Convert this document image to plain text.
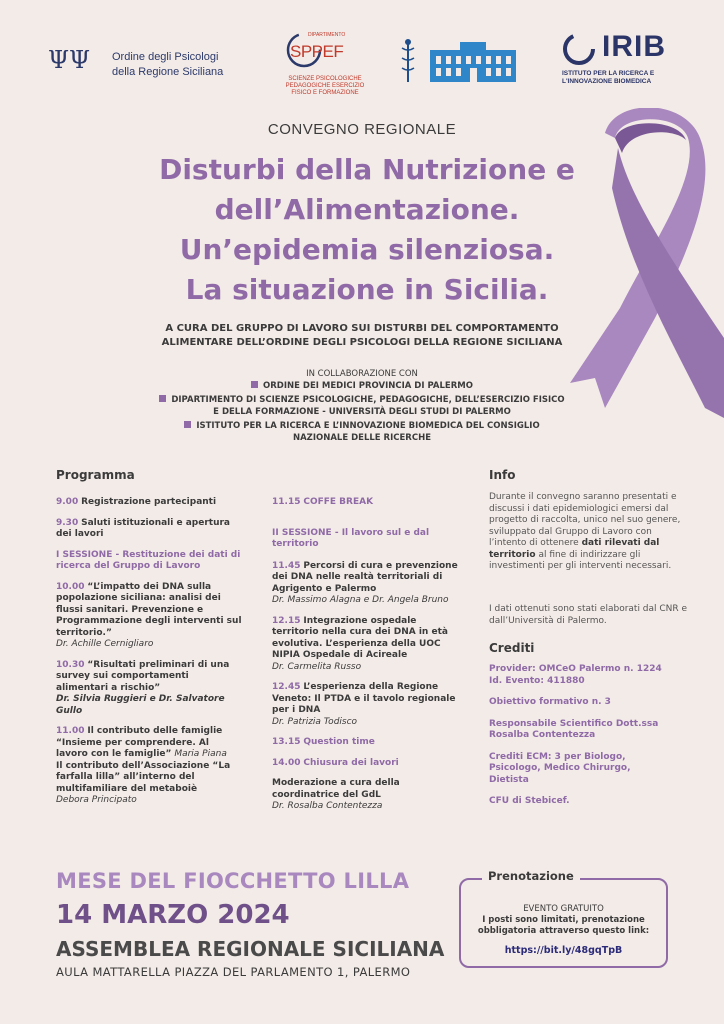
ΨΨ Ordine degli Psicologi
della Regione Siciliana
DIPARTIMENTO
SPPEF
SCIENZE PSICOLOGICHE
PEDAGOGICHE ESERCIZIO
FISICO E FORMAZIONE
IRIB
ISTITUTO PER LA RICERCA E
L'INNOVAZIONE BIOMEDICA
CONVEGNO REGIONALE
Disturbi della Nutrizione e
dell’Alimentazione.
Un’epidemia silenziosa.
La situazione in Sicilia.
A CURA DEL GRUPPO DI LAVORO SUI DISTURBI DEL COMPORTAMENTO
ALIMENTARE DELL’ORDINE DEGLI PSICOLOGI DELLA REGIONE SICILIANA
IN COLLABORAZIONE CON
ORDINE DEI MEDICI PROVINCIA DI PALERMO
DIPARTIMENTO DI SCIENZE PSICOLOGICHE, PEDAGOGICHE, DELL’ESERCIZIO FISICO
E DELLA FORMAZIONE - UNIVERSITÀ DEGLI STUDI DI PALERMO
ISTITUTO PER LA RICERCA E L’INNOVAZIONE BIOMEDICA DEL CONSIGLIO
NAZIONALE DELLE RICERCHE
Programma
9.00 Registrazione partecipanti
9.30 Saluti istituzionali e apertura dei lavori
I SESSIONE - Restituzione dei dati di ricerca del Gruppo di Lavoro
10.00 “L’impatto dei DNA sulla popolazione siciliana: analisi dei flussi sanitari. Prevenzione e Programmazione degli interventi sul territorio.”
Dr. Achille Cernigliaro
10.30 “Risultati preliminari di una survey sui comportamenti alimentari a rischio”
Dr. Silvia Ruggieri e Dr. Salvatore Gullo
11.00 Il contributo delle famiglie “Insieme per comprendere. Al lavoro con le famiglie” Maria Piana
Il contributo dell’Associazione “La farfalla lilla” all’interno del multifamiliare del metaboiè
Debora Principato
11.15 COFFE BREAK
II SESSIONE - Il lavoro sul e dal territorio
11.45 Percorsi di cura e prevenzione dei DNA nelle realtà territoriali di Agrigento e Palermo
Dr. Massimo Alagna e Dr. Angela Bruno
12.15 Integrazione ospedale territorio nella cura dei DNA in età evolutiva. L’esperienza della UOC NIPIA Ospedale di Acireale
Dr. Carmelita Russo
12.45 L’esperienza della Regione Veneto: Il PTDA e il tavolo regionale per i DNA
Dr. Patrizia Todisco
13.15 Question time
14.00 Chiusura dei lavori
Moderazione a cura della coordinatrice del GdL
Dr. Rosalba Contentezza
Info
Durante il convegno saranno presentati e discussi i dati epidemiologici emersi dal progetto di raccolta, unico nel suo genere, sviluppato dal Gruppo di Lavoro con l’intento di ottenere dati rilevati dal territorio al fine di indirizzare gli investimenti per gli interventi necessari.
I dati ottenuti sono stati elaborati dal CNR e dall’Università di Palermo.
Crediti
Provider: OMCeO Palermo n. 1224
Id. Evento: 411880
Obiettivo formativo n. 3
Responsabile Scientifico Dott.ssa Rosalba Contentezza
Crediti ECM: 3 per Biologo, Psicologo, Medico Chirurgo, Dietista
CFU di Stebicef.
MESE DEL FIOCCHETTO LILLA
14 MARZO 2024
ASSEMBLEA REGIONALE SICILIANA
AULA MATTARELLA PIAZZA DEL PARLAMENTO 1, PALERMO
Prenotazione
EVENTO GRATUITO
I posti sono limitati, prenotazione
obbligatoria attraverso questo link:
https://bit.ly/48gqTpB
